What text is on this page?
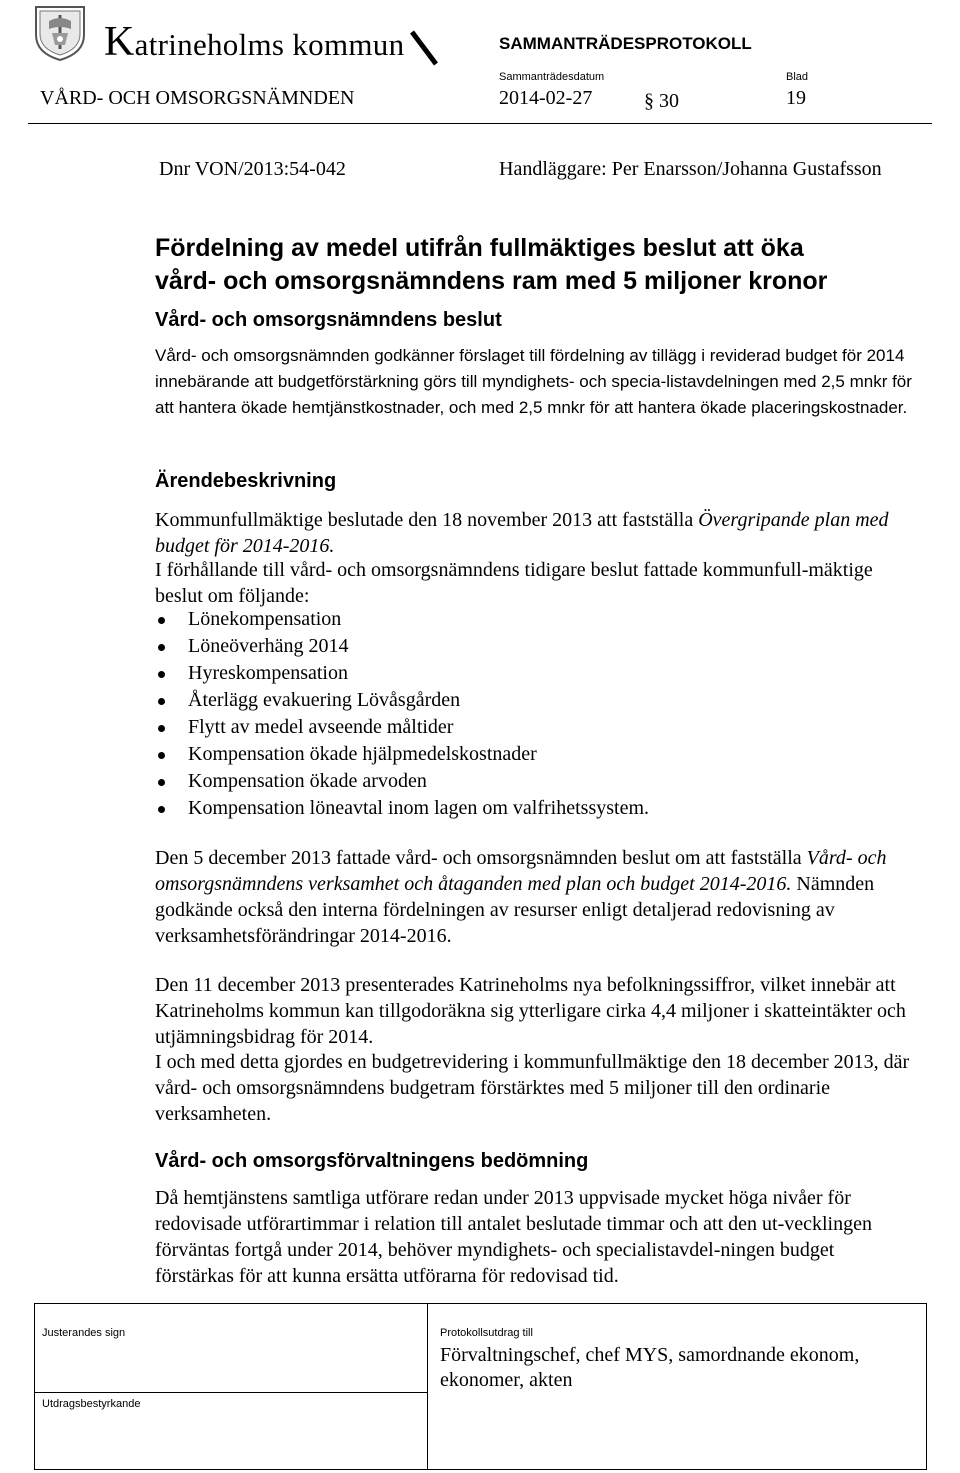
Katrineholms kommun	SAMMANTRÄDESPROTOKOLL
Sammanträdesdatum	Blad
VÅRD- OCH OMSORGSNÄMNDEN	2014-02-27	§ 30	19
Dnr VON/2013:54-042	Handläggare: Per Enarsson/Johanna Gustafsson
Fördelning av medel utifrån fullmäktiges beslut att öka
vård- och omsorgsnämndens ram med 5 miljoner kronor
Vård- och omsorgsnämndens beslut
Vård- och omsorgsnämnden godkänner förslaget till fördelning av tillägg i reviderad budget för 2014 innebärande att budgetförstärkning görs till myndighets- och specia-listavdelningen med 2,5 mnkr för att hantera ökade hemtjänstkostnader, och med 2,5 mnkr för att hantera ökade placeringskostnader.
Ärendebeskrivning
Kommunfullmäktige beslutade den 18 november 2013 att fastställa Övergripande plan med budget för 2014-2016.
I förhållande till vård- och omsorgsnämndens tidigare beslut fattade kommunfull-mäktige beslut om följande:
Lönekompensation
Löneöverhäng 2014
Hyreskompensation
Återlägg evakuering Lövåsgården
Flytt av medel avseende måltider
Kompensation ökade hjälpmedelskostnader
Kompensation ökade arvoden
Kompensation löneavtal inom lagen om valfrihetssystem.
Den 5 december 2013 fattade vård- och omsorgsnämnden beslut om att fastställa Vård- och omsorgsnämndens verksamhet och åtaganden med plan och budget 2014-2016. Nämnden godkände också den interna fördelningen av resurser enligt detaljerad redovisning av verksamhetsförändringar 2014-2016.
Den 11 december 2013 presenterades Katrineholms nya befolkningssiffror, vilket innebär att Katrineholms kommun kan tillgodoräkna sig ytterligare cirka 4,4 miljoner i skatteintäkter och utjämningsbidrag för 2014.
I och med detta gjordes en budgetrevidering i kommunfullmäktige den 18 december 2013, där vård- och omsorgsnämndens budgetram förstärktes med 5 miljoner till den ordinarie verksamheten.
Vård- och omsorgsförvaltningens bedömning
Då hemtjänstens samtliga utförare redan under 2013 uppvisade mycket höga nivåer för redovisade utförartimmar i relation till antalet beslutade timmar och att den ut-vecklingen förväntas fortgå under 2014, behöver myndighets- och specialistavdel-ningen budget förstärkas för att kunna ersätta utförarna för redovisad tid.
Justerandes sign
Utdragsbestyrkande
Protokollsutdrag till
Förvaltningschef, chef MYS, samordnande ekonom, ekonomer, akten
